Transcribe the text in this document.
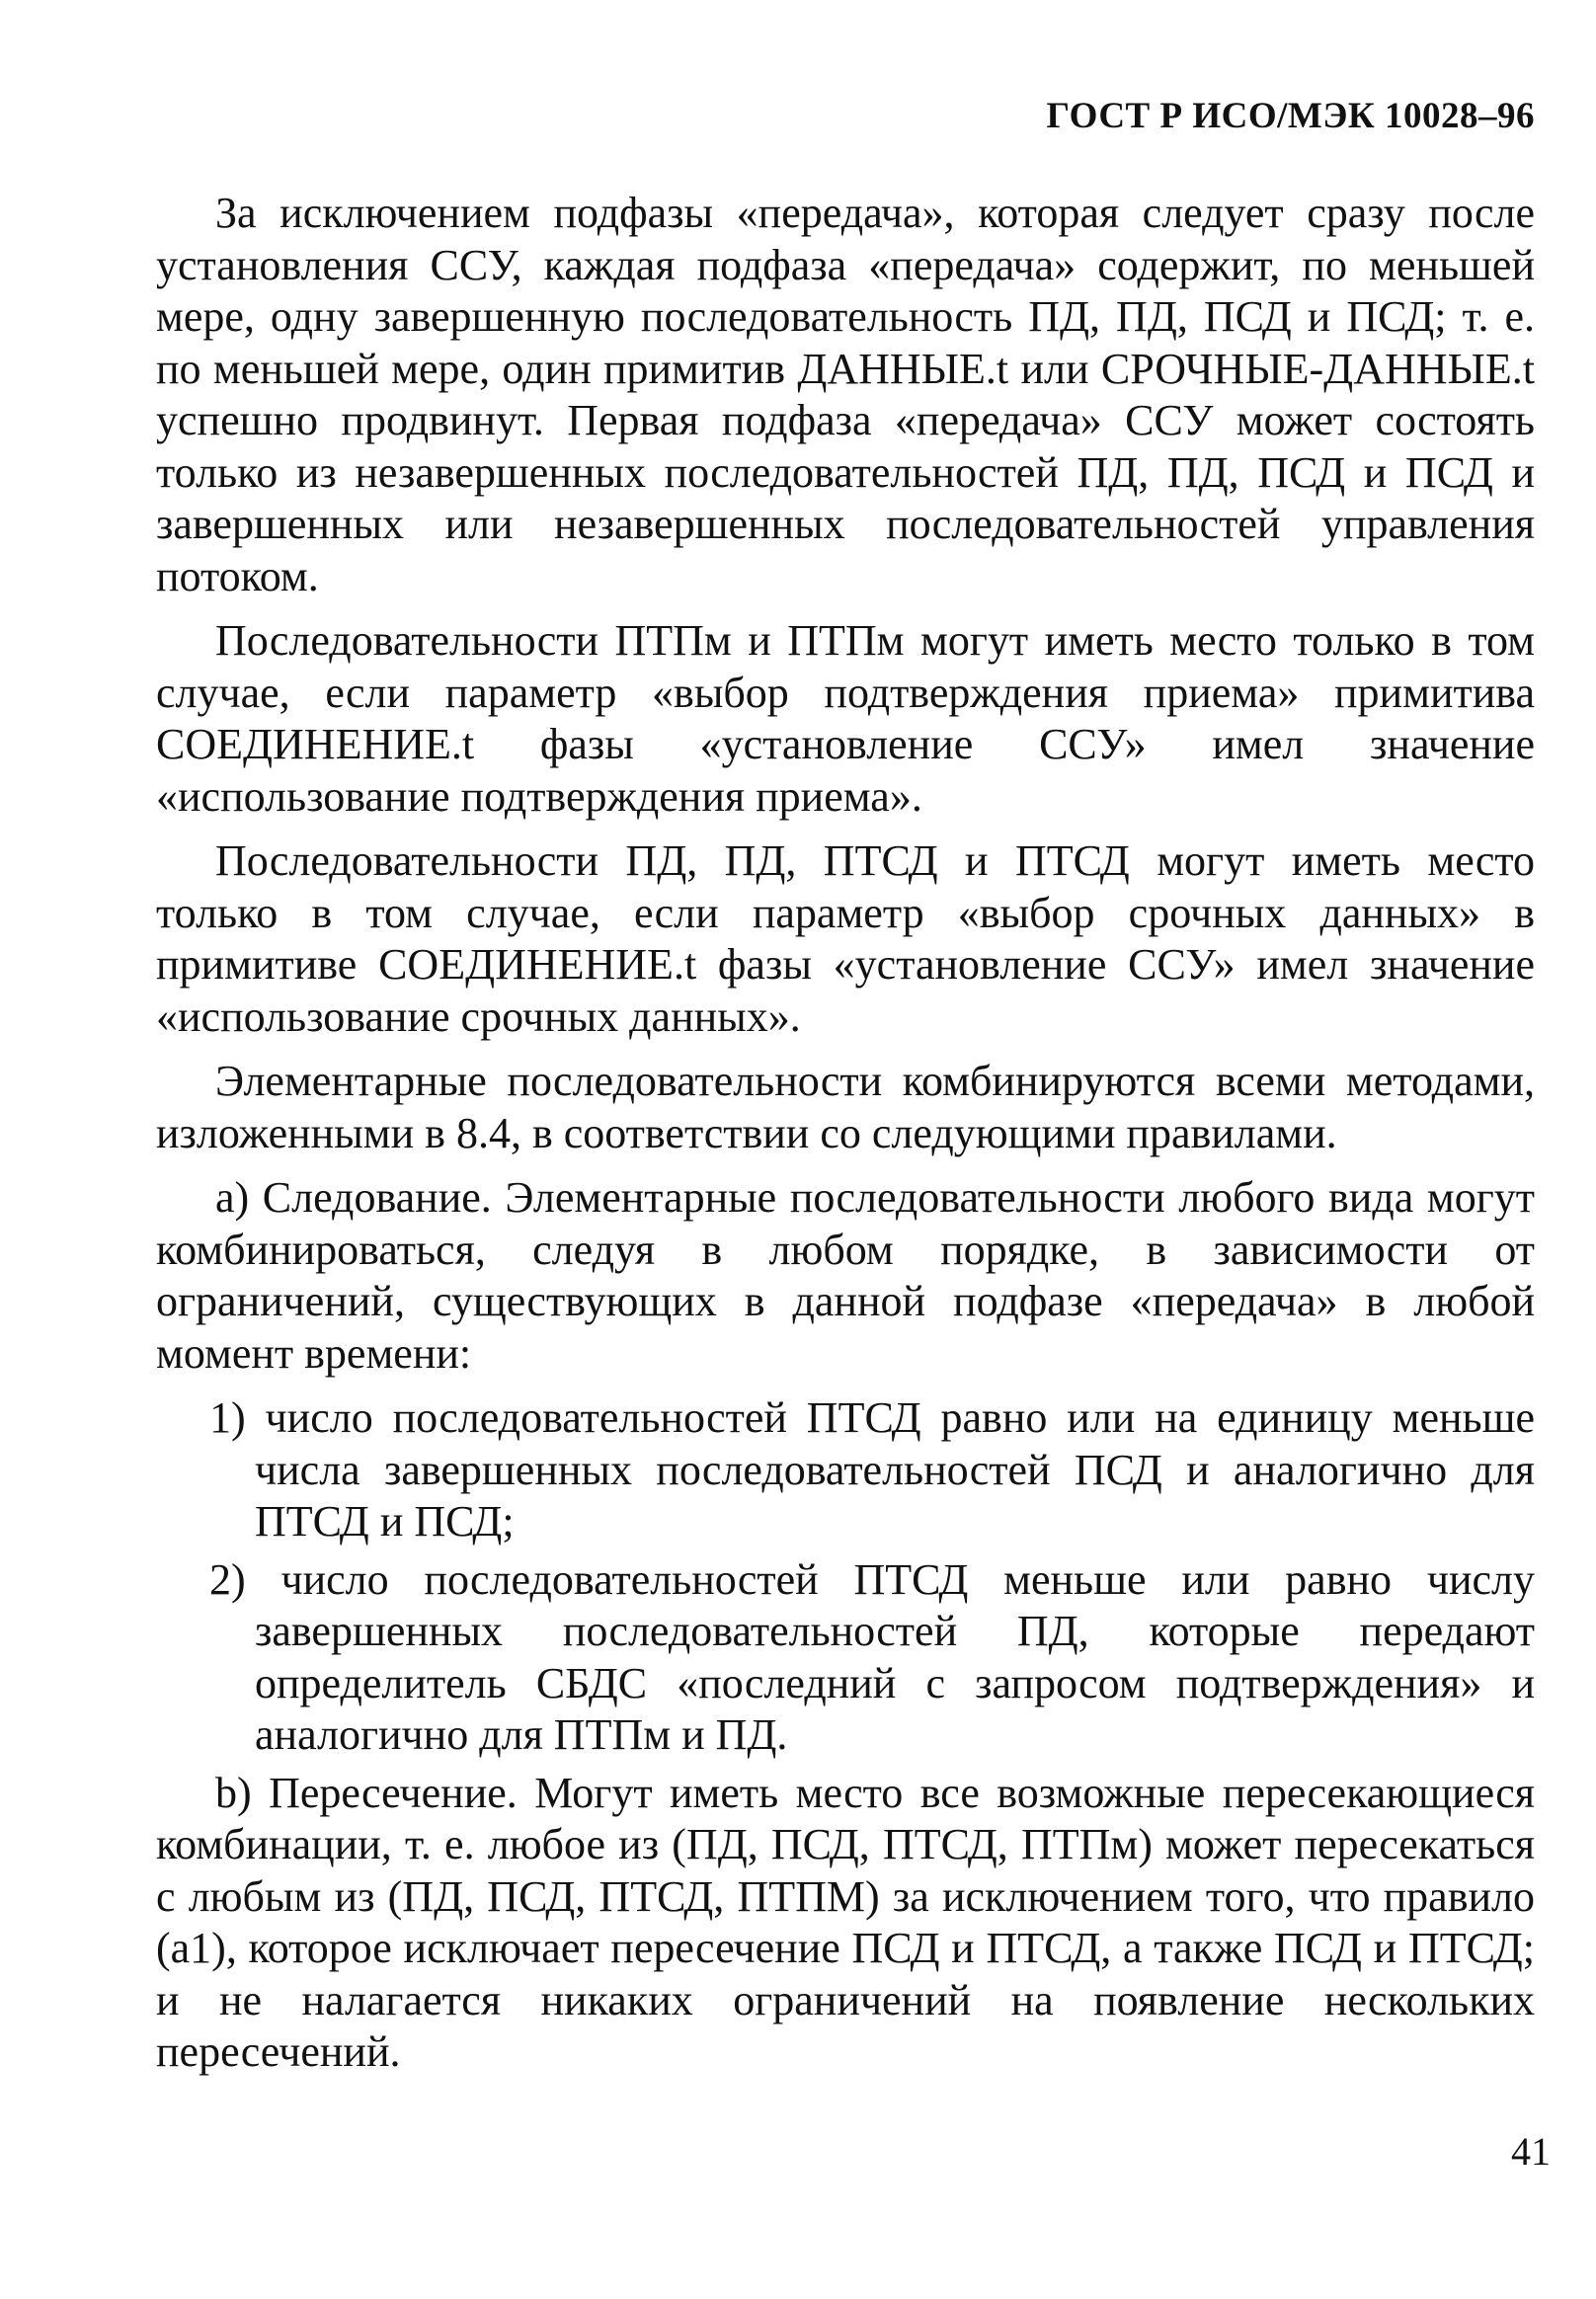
ГОСТ Р ИСО/МЭК 10028–96

За исключением подфазы «передача», которая следует сразу после установления ССУ, каждая подфаза «передача» содержит, по меньшей мере, одну завершенную последовательность ПД, ПД, ПСД и ПСД; т. е. по меньшей мере, один примитив ДАННЫЕ.t или СРОЧНЫЕ-ДАННЫЕ.t успешно продвинут. Первая подфаза «передача» ССУ может состоять только из незавершенных последовательностей ПД, ПД, ПСД и ПСД и завершенных или незавершенных последовательностей управления потоком.

Последовательности ПТПм и ПТПм могут иметь место только в том случае, если параметр «выбор подтверждения приема» примитива СОЕДИНЕНИЕ.t фазы «установление ССУ» имел значение «использование подтверждения приема».

Последовательности ПД, ПД, ПТСД и ПТСД могут иметь место только в том случае, если параметр «выбор срочных данных» в примитиве СОЕДИНЕНИЕ.t фазы «установление ССУ» имел значение «использование срочных данных».

Элементарные последовательности комбинируются всеми методами, изложенными в 8.4, в соответствии со следующими правилами.

а) Следование. Элементарные последовательности любого вида могут комбинироваться, следуя в любом порядке, в зависимости от ограничений, существующих в данной подфазе «передача» в любой момент времени:

1) число последовательностей ПТСД равно или на единицу меньше числа завершенных последовательностей ПСД и аналогично для ПТСД и ПСД;

2) число последовательностей ПТСД меньше или равно числу завершенных последовательностей ПД, которые передают определитель СБДС «последний с запросом подтверждения» и аналогично для ПТПм и ПД.

b) Пересечение. Могут иметь место все возможные пересекающиеся комбинации, т. е. любое из (ПД, ПСД, ПТСД, ПТПм) может пересекаться с любым из (ПД, ПСД, ПТСД, ПТПМ) за исключением того, что правило (а1), которое исключает пересечение ПСД и ПТСД, а также ПСД и ПТСД; и не налагается никаких ограничений на появление нескольких пересечений.

41
